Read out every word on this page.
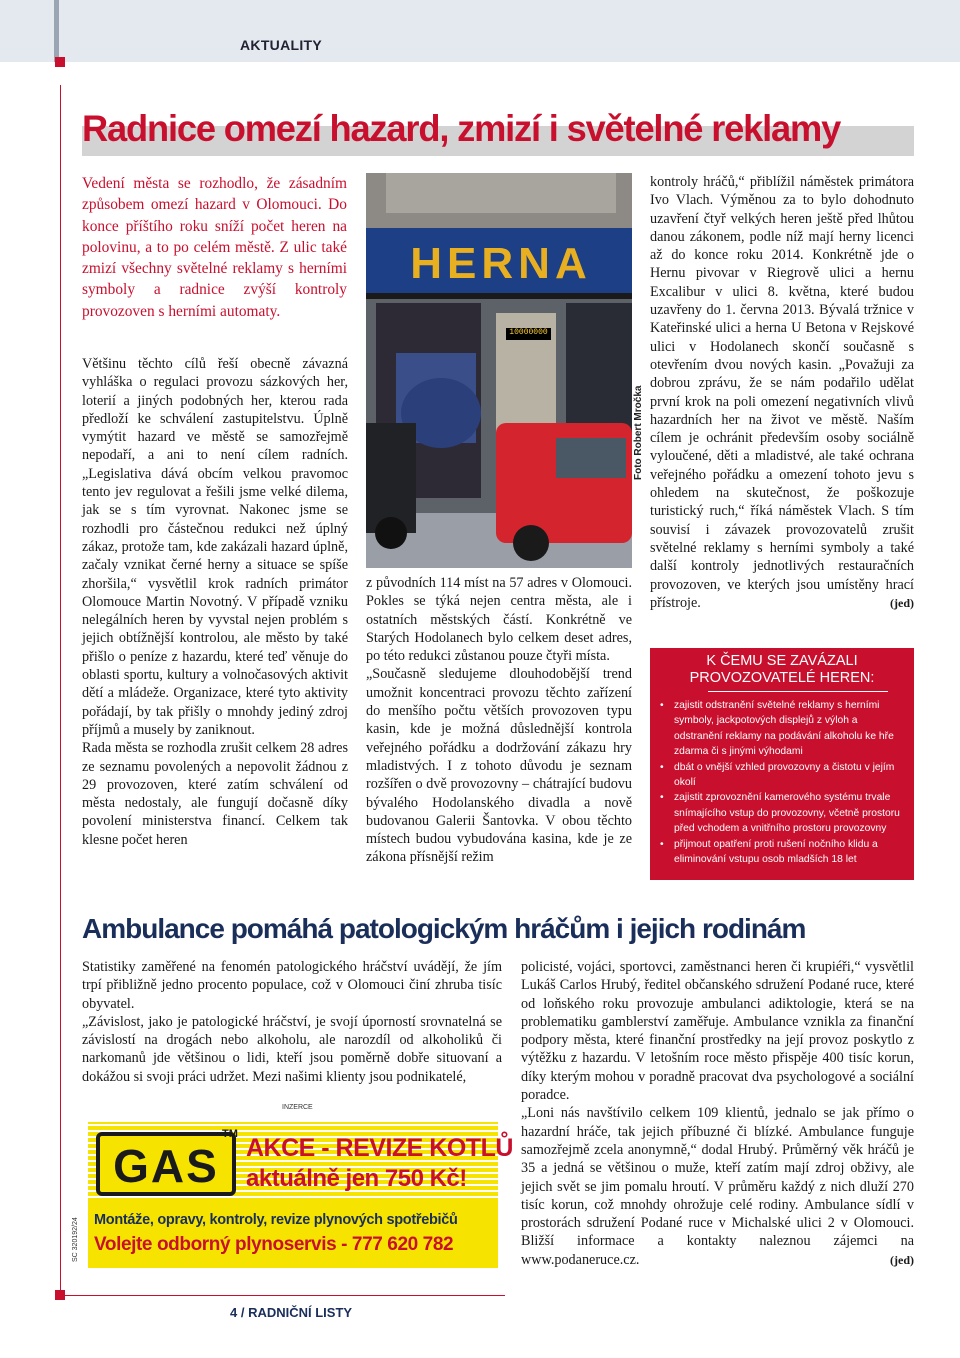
AKTUALITY
Radnice omezí hazard, zmizí i světelné reklamy
Vedení města se rozhodlo, že zásadním způsobem omezí hazard v Olomouci. Do konce příštího roku sníží počet heren na polovinu, a to po celém městě. Z ulic také zmizí všechny světelné reklamy s herními symboly a radnice zvýší kontroly provozoven s herními automaty.

Většinu těchto cílů řeší obecně závazná vyhláška o regulaci provozu sázkových her, loterií a jiných podobných her, kterou rada předloží ke schválení zastupitelstvu. Úplně vymýtit hazard ve městě se samozřejmě nepodaří, a ani to není cílem radních. „Legislativa dává obcím velkou pravomoc tento jev regulovat a řešili jsme velké dilema, jak se s tím vyrovnat. Nakonec jsme se rozhodli pro částečnou redukci než úplný zákaz, protože tam, kde zakázali hazard úplně, začaly vznikat černé herny a situace se spíše zhoršila,“ vysvětlil krok radních primátor Olomouce Martin Novotný. V případě vzniku nelegálních heren by vyvstal nejen problém s jejich obtížnější kontrolou, ale město by také přišlo o peníze z hazardu, které teď věnuje do oblasti sportu, kultury a volnočasových aktivit dětí a mládeže. Organizace, které tyto aktivity pořádají, by tak přišly o mnohdy jediný zdroj příjmů a musely by zaniknout.

Rada města se rozhodla zrušit celkem 28 adres ze seznamu povolených a nepovolit žádnou z 29 provozoven, které zatím schválení od města nedostaly, ale fungují dočasně díky povolení ministerstva financí. Celkem tak klesne počet heren

HERNA
10000000
Foto Robert Mročka

z původních 114 míst na 57 adres v Olomouci. Pokles se týká nejen centra města, ale i ostatních městských částí. Konkrétně ve Starých Hodolanech bylo celkem deset adres, po této redukci zůstanou pouze čtyři místa.

„Současně sledujeme dlouhodobější trend umožnit koncentraci provozu těchto zařízení do menšího počtu větších provozoven typu kasin, kde je možná důslednější kontrola veřejného pořádku a dodržování zákazu hry mladistvých. I z tohoto důvodu je seznam rozšířen o dvě provozovny – chátrající budovu bývalého Hodolanského divadla a nově budovanou Galerii Šantovka. V obou těchto místech budou vybudována kasina, kde je ze zákona přísnější režim

kontroly hráčů,“ přiblížil náměstek primátora Ivo Vlach. Výměnou za to bylo dohodnuto uzavření čtyř velkých heren ještě před lhůtou danou zákonem, podle níž mají herny licenci až do konce roku 2014. Konkrétně jde o Hernu pivovar v Riegrově ulici a hernu Excalibur v ulici 8. května, které budou uzavřeny do 1. června 2013. Bývalá tržnice v Kateřinské ulici a herna U Betona v Rejskové ulici v Hodolanech skončí současně s otevřením dvou nových kasin. „Považuji za dobrou zprávu, že se nám podařilo udělat první krok na poli omezení negativních vlivů hazardních her na život ve městě. Naším cílem je ochránit především osoby sociálně vyloučené, děti a mladistvé, ale také ochrana veřejného pořádku a omezení tohoto jevu s ohledem na skutečnost, že poškozuje turistický ruch,“ říká náměstek Vlach. S tím souvisí i závazek provozovatelů zrušit světelné reklamy s herními symboly a také další kontroly jednotlivých restauračních provozoven, ve kterých jsou umístěny hrací přístroje.	(jed)

K ČEMU SE ZAVÁZALI
PROVOZOVATELÉ HEREN:
• zajistit odstranění světelné reklamy s herními symboly, jackpotových displejů z výloh a odstranění reklamy na podávání alkoholu ke hře zdarma či s jinými výhodami
• dbát o vnější vzhled provozovny a čistotu v jejím okolí
• zajistit zprovoznění kamerového systému trvale snímajícího vstup do provozovny, včetně prostoru před vchodem a vnitřního prostoru provozovny
• přijmout opatření proti rušení nočního klidu a eliminování vstupu osob mladších 18 let
Ambulance pomáhá patologickým hráčům i jejich rodinám

Statistiky zaměřené na fenomén patologického hráčství uvádějí, že jím trpí přibližně jedno procento populace, což v Olomouci činí zhruba tisíc obyvatel.

„Závislost, jako je patologické hráčství, je svojí úporností srovnatelná se závislostí na drogách nebo alkoholu, ale narozdíl od alkoholiků či narkomanů jde většinou o lidi, kteří jsou poměrně dobře situovaní a dokážou si svoji práci udržet. Mezi našimi klienty jsou podnikatelé,

policisté, vojáci, sportovci, zaměstnanci heren či krupiéři,“ vysvětlil Lukáš Carlos Hrubý, ředitel občanského sdružení Podané ruce, které od loňského roku provozuje ambulanci adiktologie, která se na problematiku gamblerství zaměřuje. Ambulance vznikla za finanční podpory města, které finanční prostředky na její provoz poskytlo z výtěžku z hazardu. V letošním roce město přispěje 400 tisíc korun, díky kterým mohou v poradně pracovat dva psychologové a sociální poradce.

„Loni nás navštívilo celkem 109 klientů, jednalo se jak přímo o hazardní hráče, tak jejich příbuzné či blízké. Ambulance funguje samozřejmě zcela anonymně,“ dodal Hrubý. Průměrný věk hráčů je 35 a jedná se většinou o muže, kteří zatím mají zdroj obživy, ale jejich svět se jim pomalu hroutí. V průměru každý z nich dluží 270 tisíc korun, což mnohdy ohrožuje celé rodiny. Ambulance sídlí v prostorách sdružení Podané ruce v Michalské ulici 2 v Olomouci. Bližší informace a kontakty naleznou zájemci na www.podaneruce.cz.	(jed)

INZERCE
GAS
TM AKCE - REVIZE KOTLŮ
aktuálně jen 750 Kč!
Montáže, opravy, kontroly, revize plynových spotřebičů
Volejte odborný plynoservis - 777 620 782
SC 320192/24
4 / RADNIČNÍ LISTY
